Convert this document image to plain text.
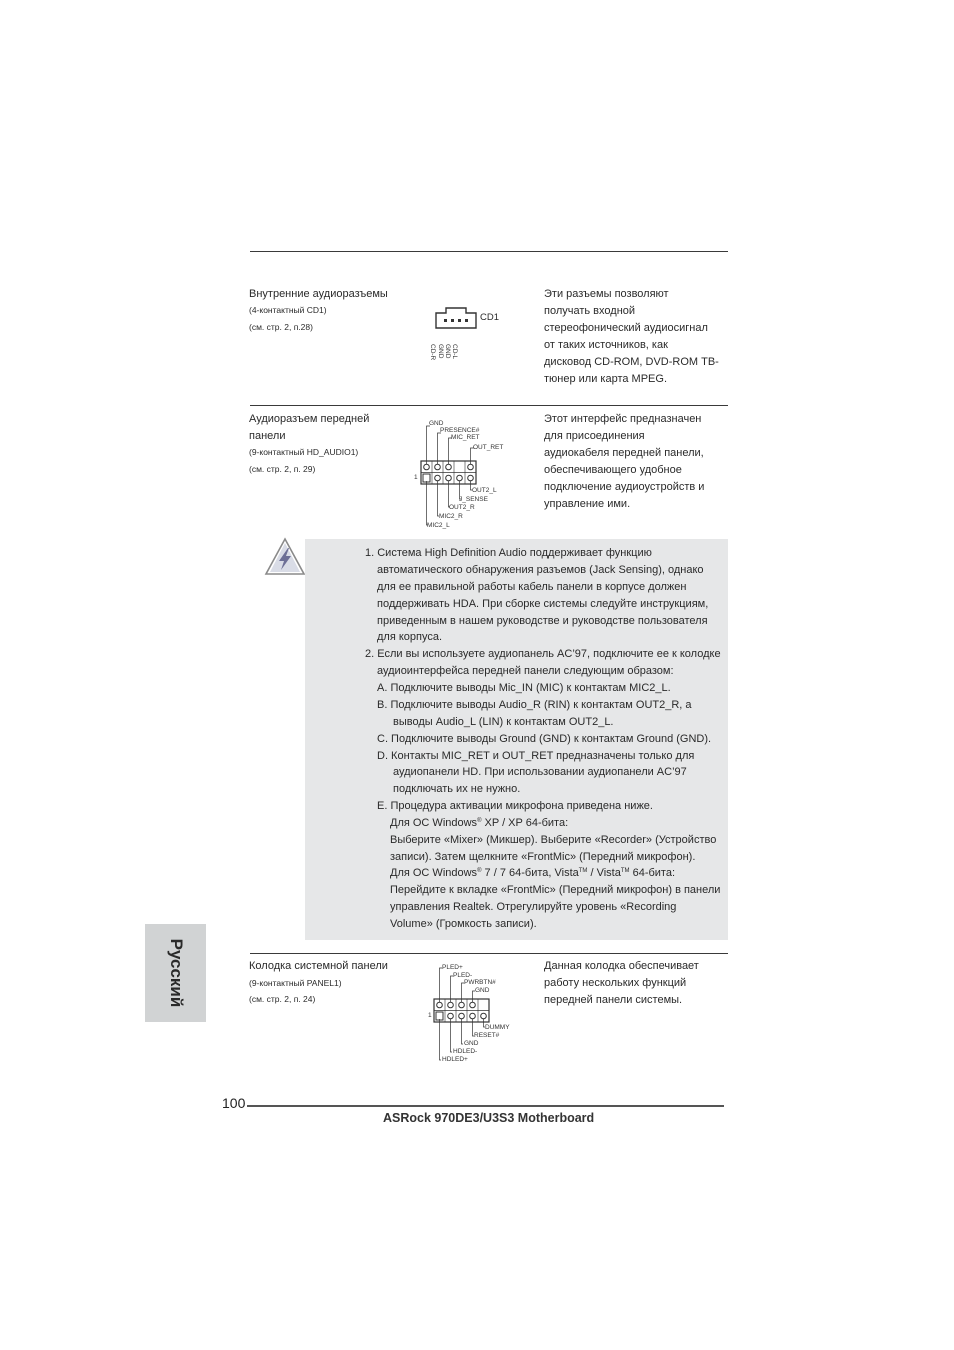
Внутренние аудиоразъемы
(4-контактный CD1)
(см. стр. 2, п.28)
CD-R GND GND CD-L
CD1
Эти разъемы позволяют
получать входной
стереофонический аудиосигнал
от таких источников, как
дисковод CD-ROM, DVD-ROM ТВ-
тюнер или карта MPEG.
Аудиоразъем передней
панели
(9-контактный HD_AUDIO1)
(см. стр. 2, п. 29)
1
GND
PRESENCE#
MIC_RET
OUT_RET
OUT2_L
J_SENSE
OUT2_R
MIC2_R
MIC2_L
Этот интерфейс предназначен
для присоединения
аудиокабеля передней панели,
обеспечивающего удобное
подключение аудиоустройств и
управление ими.
1. Система High Definition Audio поддерживает функцию
автоматического обнаружения разъемов (Jack Sensing), однако
для ее правильной работы кабель панели в корпусе должен
поддерживать HDA. При сборке системы следуйте инструкциям,
приведенным в нашем руководстве и руководстве пользователя
для корпуса.
2. Если вы используете аудиопанель AC’97, подключите ее к колодке
аудиоинтерфейса передней панели следующим образом:
A. Подключите выводы Mic_IN (MIC) к контактам MIC2_L.
B. Подключите выводы Audio_R (RIN) к контактам OUT2_R, а
выводы Audio_L (LIN) к контактам OUT2_L.
C. Подключите выводы Ground (GND) к контактам Ground (GND).
D. Контакты MIC_RET и OUT_RET предназначены только для
аудиопанели HD. При использовании аудиопанели AC’97
подключать их не нужно.
E. Процедура активации микрофона приведена ниже.
Для ОС Windows® XP / XP 64-бита:
Выберите «Mixer» (Микшер). Выберите «Recorder» (Устройство
записи). Затем щелкните «FrontMic» (Передний микрофон).
Для ОС Windows® 7 / 7 64-бита, Vista™ / Vista™ 64-бита:
Перейдите к вкладке «FrontMic» (Передний микрофон) в панели
управления Realtek. Отрегулируйте уровень «Recording
Volume» (Громкость записи).
Русский	Колодка системной панели
(9-контактный PANEL1)
(см. стр. 2, п. 24)
1
PLED+
PLED-
PWRBTN#
GND
DUMMY
RESET#
GND
HDLED-
HDLED+
Данная колодка обеспечивает
работу нескольких функций
передней панели системы.
100
ASRock 970DE3/U3S3 Motherboard
